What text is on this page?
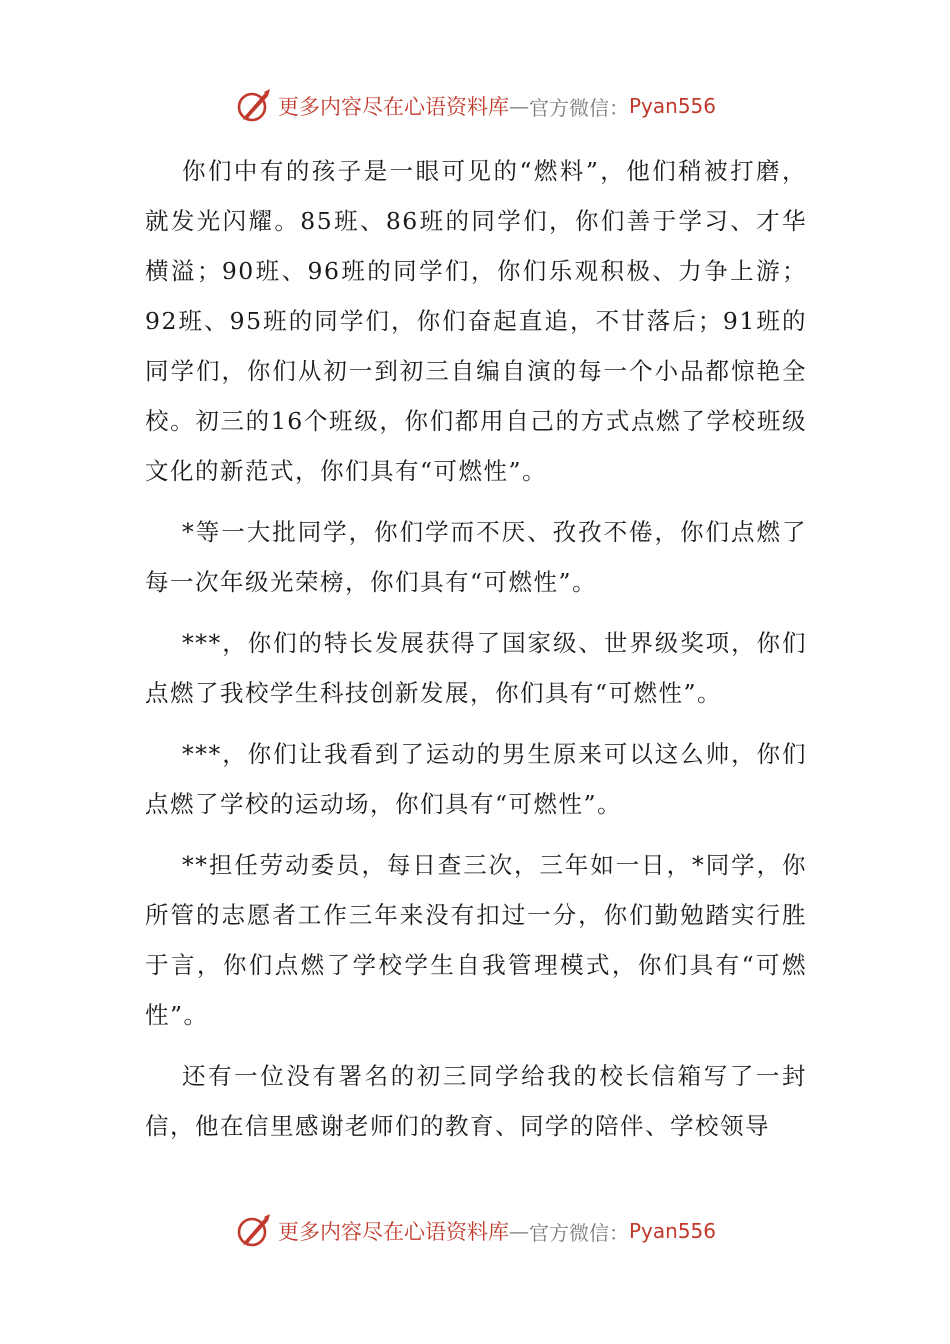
更多内容尽在心语资料库 — 官方微信： Pyan556

你们中有的孩子是一眼可见的“燃料”，他们稍被打磨，就发光闪耀。85班、86班的同学们，你们善于学习、才华横溢；90班、96班的同学们，你们乐观积极、力争上游；92班、95班的同学们，你们奋起直追，不甘落后；91班的同学们，你们从初一到初三自编自演的每一个小品都惊艳全校。初三的16个班级，你们都用自己的方式点燃了学校班级文化的新范式，你们具有“可燃性”。

*等一大批同学，你们学而不厌、孜孜不倦，你们点燃了每一次年级光荣榜，你们具有“可燃性”。

***，你们的特长发展获得了国家级、世界级奖项，你们点燃了我校学生科技创新发展，你们具有“可燃性”。

***，你们让我看到了运动的男生原来可以这么帅，你们点燃了学校的运动场，你们具有“可燃性”。

**担任劳动委员，每日查三次，三年如一日，*同学，你所管的志愿者工作三年来没有扣过一分，你们勤勉踏实行胜于言，你们点燃了学校学生自我管理模式，你们具有“可燃性”。

还有一位没有署名的初三同学给我的校长信箱写了一封信，他在信里感谢老师们的教育、同学的陪伴、学校领导

更多内容尽在心语资料库 — 官方微信： Pyan556
